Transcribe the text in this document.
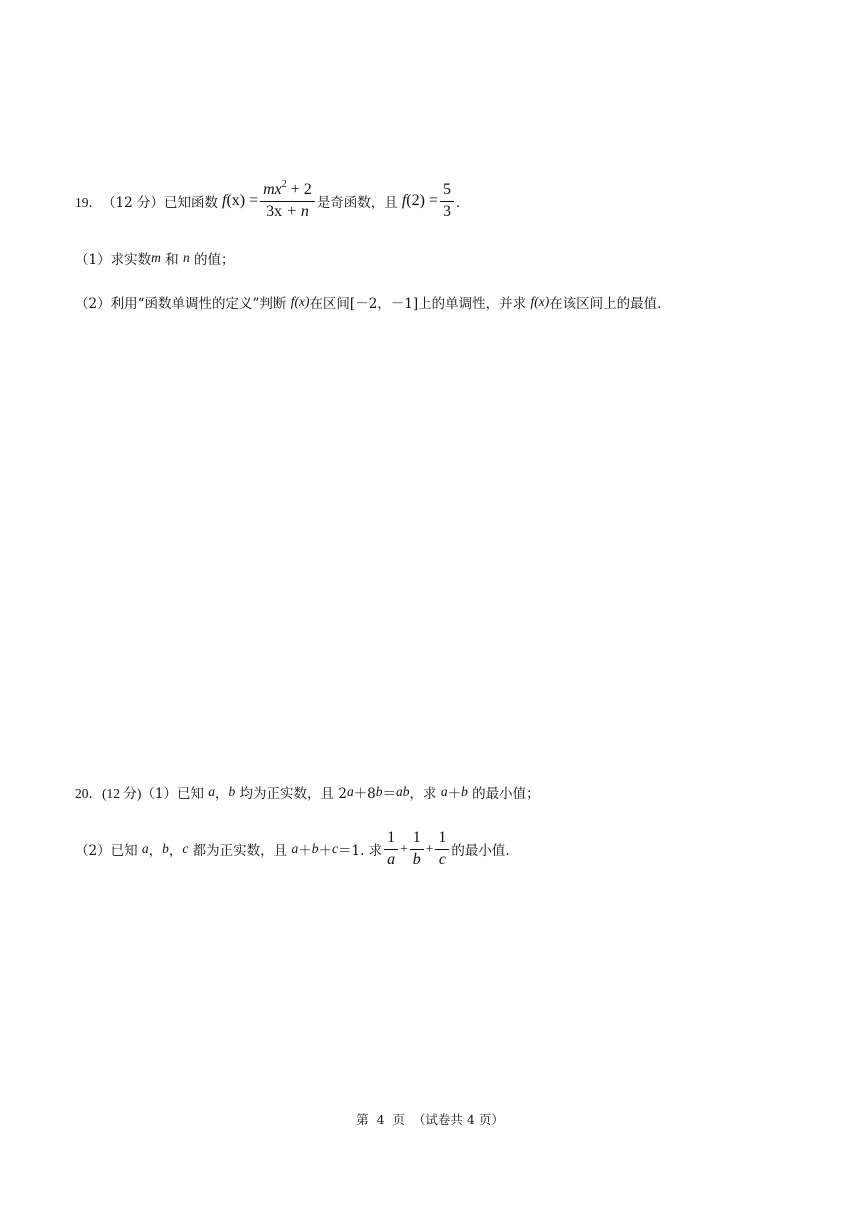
19． （12 分） 已知函数 $f(x) = \frac{mx^2 + 2}{3x + n}$ 是奇函数，且 $f(2) = \frac{5}{3}$ ．
（1） 求实数 m 和 n 的值；
（2） 利用“函数单调性的定义”判断 f(x) 在区间[－2，－1]上的单调性，并求 f(x) 在该区间上的最值．
20． (12 分) （1） 已知 a ， b 均为正实数，且 2 a ＋8 b ＝ ab ，求 a ＋ b 的最小值；
（2） 已知 a ， b ， c 都为正实数，且 a ＋ b ＋ c ＝1. 求 $\frac{1}{a} + \frac{1}{b} + \frac{1}{c}$ 的最小值.
第  4  页  （试卷共 4 页）
